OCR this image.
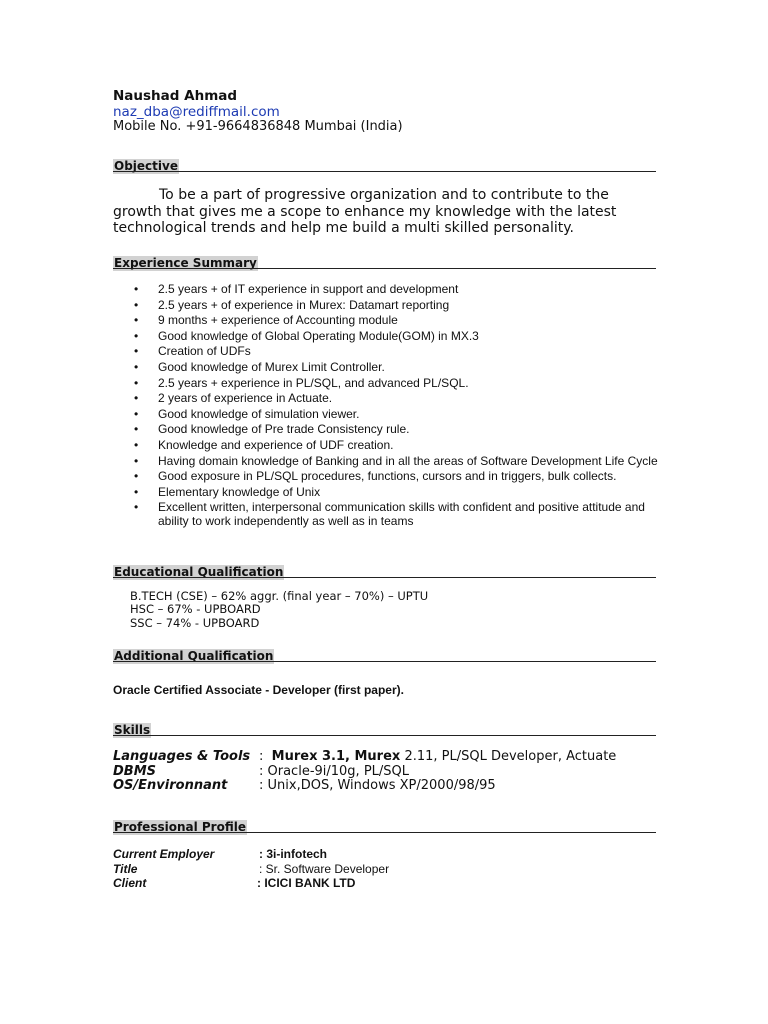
Naushad Ahmad
naz_dba@rediffmail.com
Mobile No. +91-9664836848 Mumbai (India)
Objective
To be a part of progressive organization and to contribute to the growth that gives me a scope to enhance my knowledge with the latest technological trends and help me build a multi skilled personality.
Experience Summary
• 2.5 years + of IT experience in support and development
• 2.5 years + of experience in Murex: Datamart reporting
• 9 months + experience of Accounting module
• Good knowledge of Global Operating Module(GOM) in MX.3
• Creation of UDFs
• Good knowledge of Murex Limit Controller.
• 2.5 years + experience in PL/SQL, and advanced PL/SQL.
• 2 years of experience in Actuate.
• Good knowledge of simulation viewer.
• Good knowledge of Pre trade Consistency rule.
• Knowledge and experience of UDF creation.
• Having domain knowledge of Banking and in all the areas of Software Development Life Cycle
• Good exposure in PL/SQL procedures, functions, cursors and in triggers, bulk collects.
• Elementary knowledge of Unix
• Excellent written, interpersonal communication skills with confident and positive attitude and ability to work independently as well as in teams
Educational Qualification
B.TECH (CSE) – 62% aggr. (final year – 70%) – UPTU
HSC – 67% - UPBOARD
SSC – 74% - UPBOARD
Additional Qualification
Oracle Certified Associate - Developer (first paper).
Skills
Languages & Tools : Murex 3.1, Murex 2.11, PL/SQL Developer, Actuate
DBMS	: Oracle-9i/10g, PL/SQL
OS/Environnant : Unix,DOS, Windows XP/2000/98/95
Professional Profile
Current Employer	: 3i-infotech
Title	: Sr. Software Developer
Client	: ICICI BANK LTD
